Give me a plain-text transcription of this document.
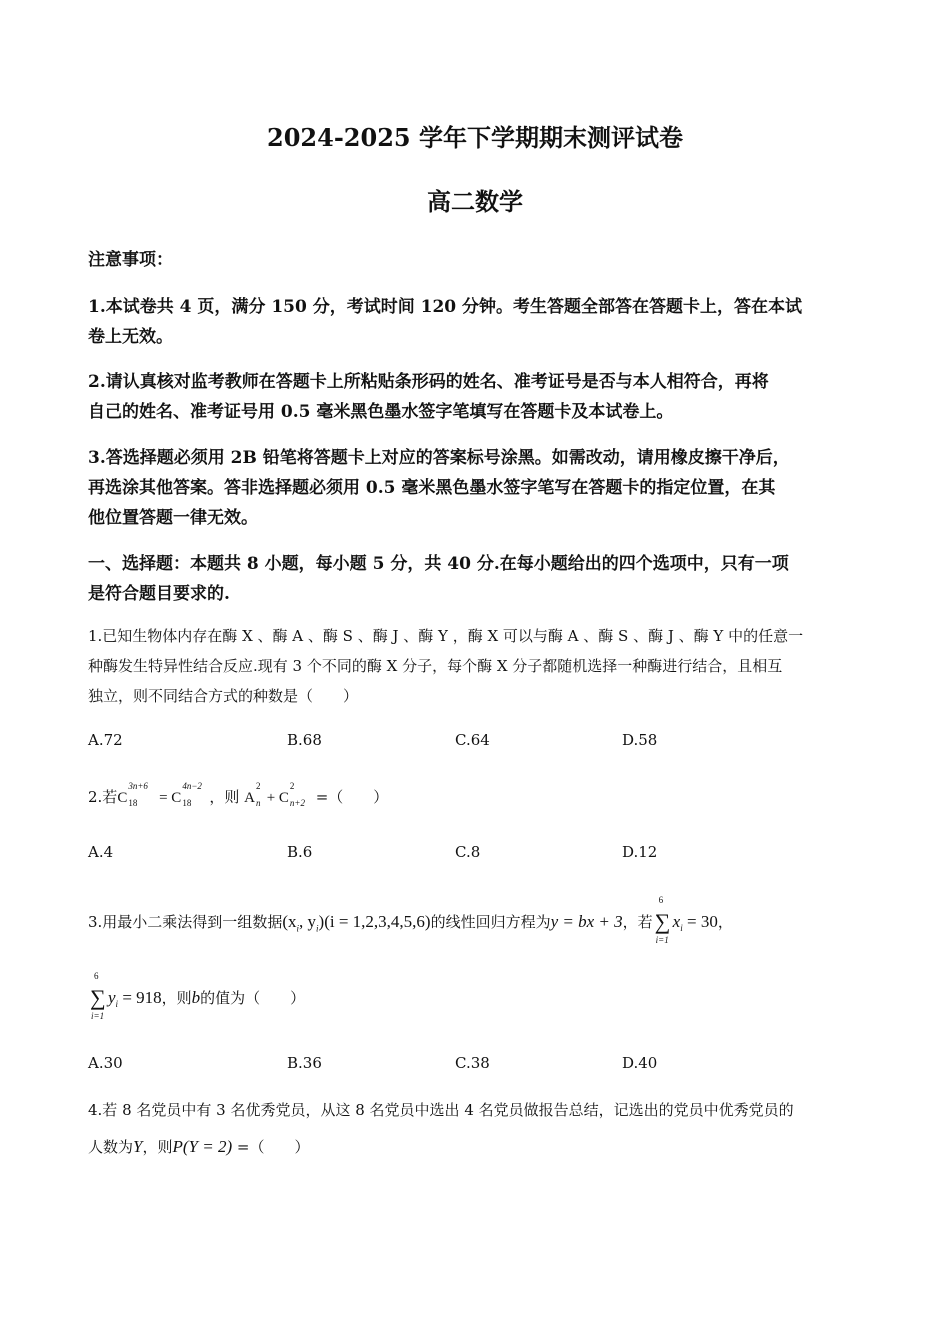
2024-2025 学年下学期期末测评试卷
高二数学
注意事项：
1.本试卷共 4 页，满分 150 分，考试时间 120 分钟。考生答题全部答在答题卡上，答在本试
卷上无效。
2.请认真核对监考教师在答题卡上所粘贴条形码的姓名、准考证号是否与本人相符合，再将
自己的姓名、准考证号用 0.5 毫米黑色墨水签字笔填写在答题卡及本试卷上。
3.答选择题必须用 2B 铅笔将答题卡上对应的答案标号涂黑。如需改动，请用橡皮擦干净后，
再选涂其他答案。答非选择题必须用 0.5 毫米黑色墨水签字笔写在答题卡的指定位置，在其
他位置答题一律无效。
一、选择题：本题共 8 小题，每小题 5 分，共 40 分.在每小题给出的四个选项中，只有一项
是符合题目要求的.
1.已知生物体内存在酶 X 、酶 A 、酶 S 、酶 J 、酶 Y ，酶 X 可以与酶 A 、酶 S 、酶 J 、酶 Y 中的任意一
种酶发生特异性结合反应.现有 3 个不同的酶 X 分子，每个酶 X 分子都随机选择一种酶进行结合，且相互
独立，则不同结合方式的种数是（　　）
A.72	B.68	C.64	D.58
2.若C
3n+6
18 = C
4n−2
18 ，则 A
2
n + C
2
n+2 =（　　）
A.4	B.6	C.8	D.12
3.用最小二乘法得到一组数据($x_i$, $y_i)(i = 1,2,3,4,5,6)$的线性回归方程为y = bx + 3，若 ∑
6
i=1
$x_i = 30$，
∑
6
i=1
$y_i = 918$，则b的值为（　　）
A.30	B.36	C.38	D.40
4.若 8 名党员中有 3 名优秀党员，从这 8 名党员中选出 4 名党员做报告总结，记选出的党员中优秀党员的
人数为Y，则P(Y = 2) =（　　）
